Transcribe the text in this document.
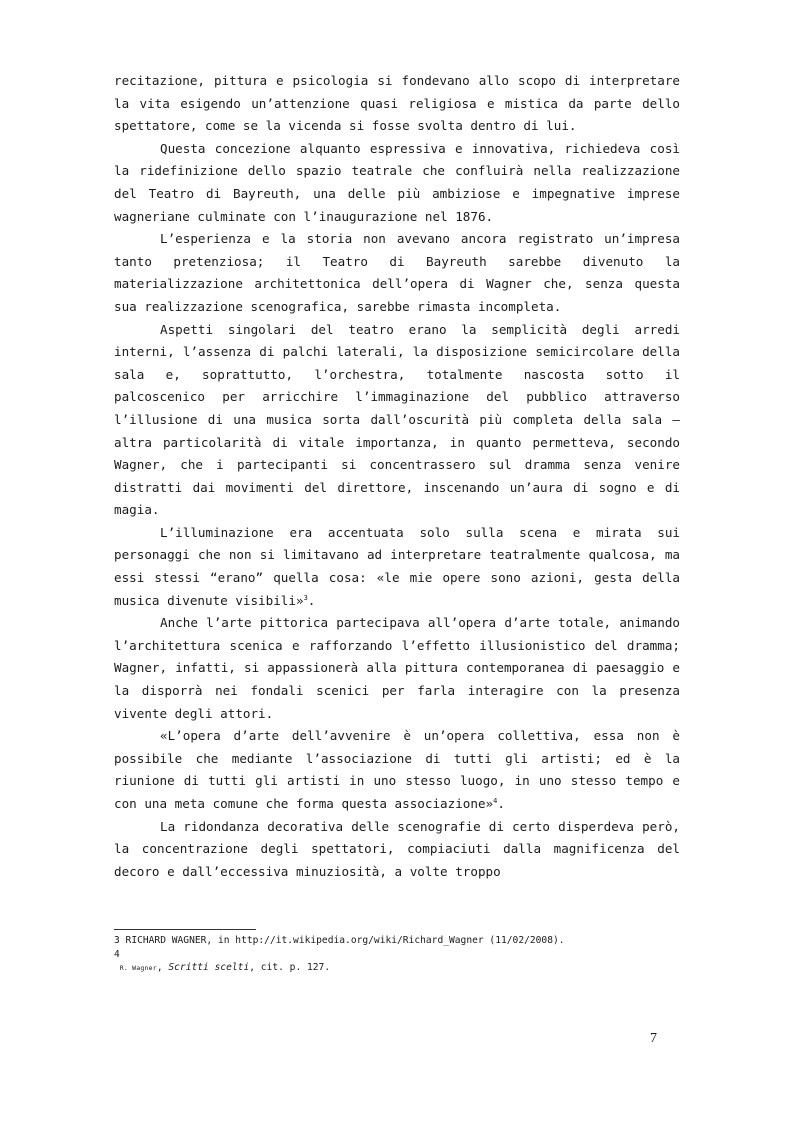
recitazione, pittura e psicologia si fondevano allo scopo di interpretare la vita esigendo un’attenzione quasi religiosa e mistica da parte dello spettatore, come se la vicenda si fosse svolta dentro di lui.

Questa concezione alquanto espressiva e innovativa, richiedeva così la ridefinizione dello spazio teatrale che confluirà nella realizzazione del Teatro di Bayreuth, una delle più ambiziose e impegnative imprese wagneriane culminate con l’inaugurazione nel 1876.

L’esperienza e la storia non avevano ancora registrato un’impresa tanto pretenziosa; il Teatro di Bayreuth sarebbe divenuto la materializzazione architettonica dell’opera di Wagner che, senza questa sua realizzazione scenografica, sarebbe rimasta incompleta.

Aspetti singolari del teatro erano la semplicità degli arredi interni, l’assenza di palchi laterali, la disposizione semicircolare della sala e, soprattutto, l’orchestra, totalmente nascosta sotto il palcoscenico per arricchire l’immaginazione del pubblico attraverso l’illusione di una musica sorta dall’oscurità più completa della sala – altra particolarità di vitale importanza, in quanto permetteva, secondo Wagner, che i partecipanti si concentrassero sul dramma senza venire distratti dai movimenti del direttore, inscenando un’aura di sogno e di magia.

L’illuminazione era accentuata solo sulla scena e mirata sui personaggi che non si limitavano ad interpretare teatralmente qualcosa, ma essi stessi “erano” quella cosa: «le mie opere sono azioni, gesta della musica divenute visibili»$^3$.

Anche l’arte pittorica partecipava all’opera d’arte totale, animando l’architettura scenica e rafforzando l’effetto illusionistico del dramma; Wagner, infatti, si appassionerà alla pittura contemporanea di paesaggio e la disporrà nei fondali scenici per farla interagire con la presenza vivente degli attori.

«L’opera d’arte dell’avvenire è un’opera collettiva, essa non è possibile che mediante l’associazione di tutti gli artisti; ed è la riunione di tutti gli artisti in uno stesso luogo, in uno stesso tempo e con una meta comune che forma questa associazione»$^4$.

La ridondanza decorativa delle scenografie di certo disperdeva però, la concentrazione degli spettatori, compiaciuti dalla magnificenza del decoro e dall’eccessiva minuziosità, a volte troppo

3 RICHARD WAGNER, in http://it.wikipedia.org/wiki/Richard_Wagner (11/02/2008).
4
R. Wagner, Scritti scelti, cit. p. 127.
7
